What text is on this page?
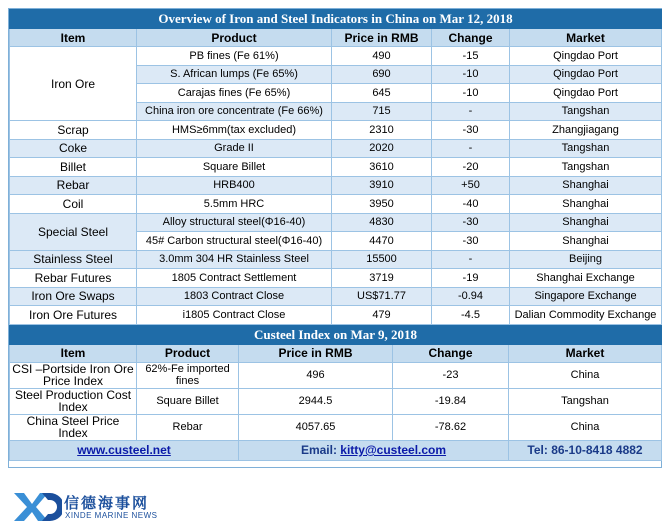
Overview of Iron and Steel Indicators in China on Mar 12, 2018				
Item	Product	Price in RMB	Change	Market
Iron Ore	PB fines (Fe 61%)	490	-15	Qingdao Port
	S. African lumps (Fe 65%)	690	-10	Qingdao Port
	Carajas fines (Fe 65%)	645	-10	Qingdao Port
	China iron ore concentrate (Fe 66%)	715	-	Tangshan
Scrap	HMS≥6mm(tax excluded)	2310	-30	Zhangjiagang
Coke	Grade II	2020	-	Tangshan
Billet	Square Billet	3610	-20	Tangshan
Rebar	HRB400	3910	+50	Shanghai
Coil	5.5mm HRC	3950	-40	Shanghai
Special Steel	Alloy structural steel(Φ16-40)	4830	-30	Shanghai
	45# Carbon structural steel(Φ16-40)	4470	-30	Shanghai
Stainless Steel	3.0mm 304 HR Stainless Steel	15500	-	Beijing
Rebar Futures	1805 Contract Settlement	3719	-19	Shanghai Exchange
Iron Ore Swaps	1803 Contract Close	US$71.77	-0.94	Singapore Exchange
Iron Ore Futures	i1805 Contract Close	479	-4.5	Dalian Commodity Exchange
Custeel Index on Mar 9, 2018				
Item	Product	Price in RMB	Change	Market
CSI –Portside Iron Ore Price Index	62%-Fe imported fines	496	-23	China
Steel Production Cost Index	Square Billet	2944.5	-19.84	Tangshan
China Steel Price Index	Rebar	4057.65	-78.62	China
www.custeel.net		Email: kitty@custeel.com		Tel: 86-10-8418 4882
信德海事网
XINDE MARINE NEWS
